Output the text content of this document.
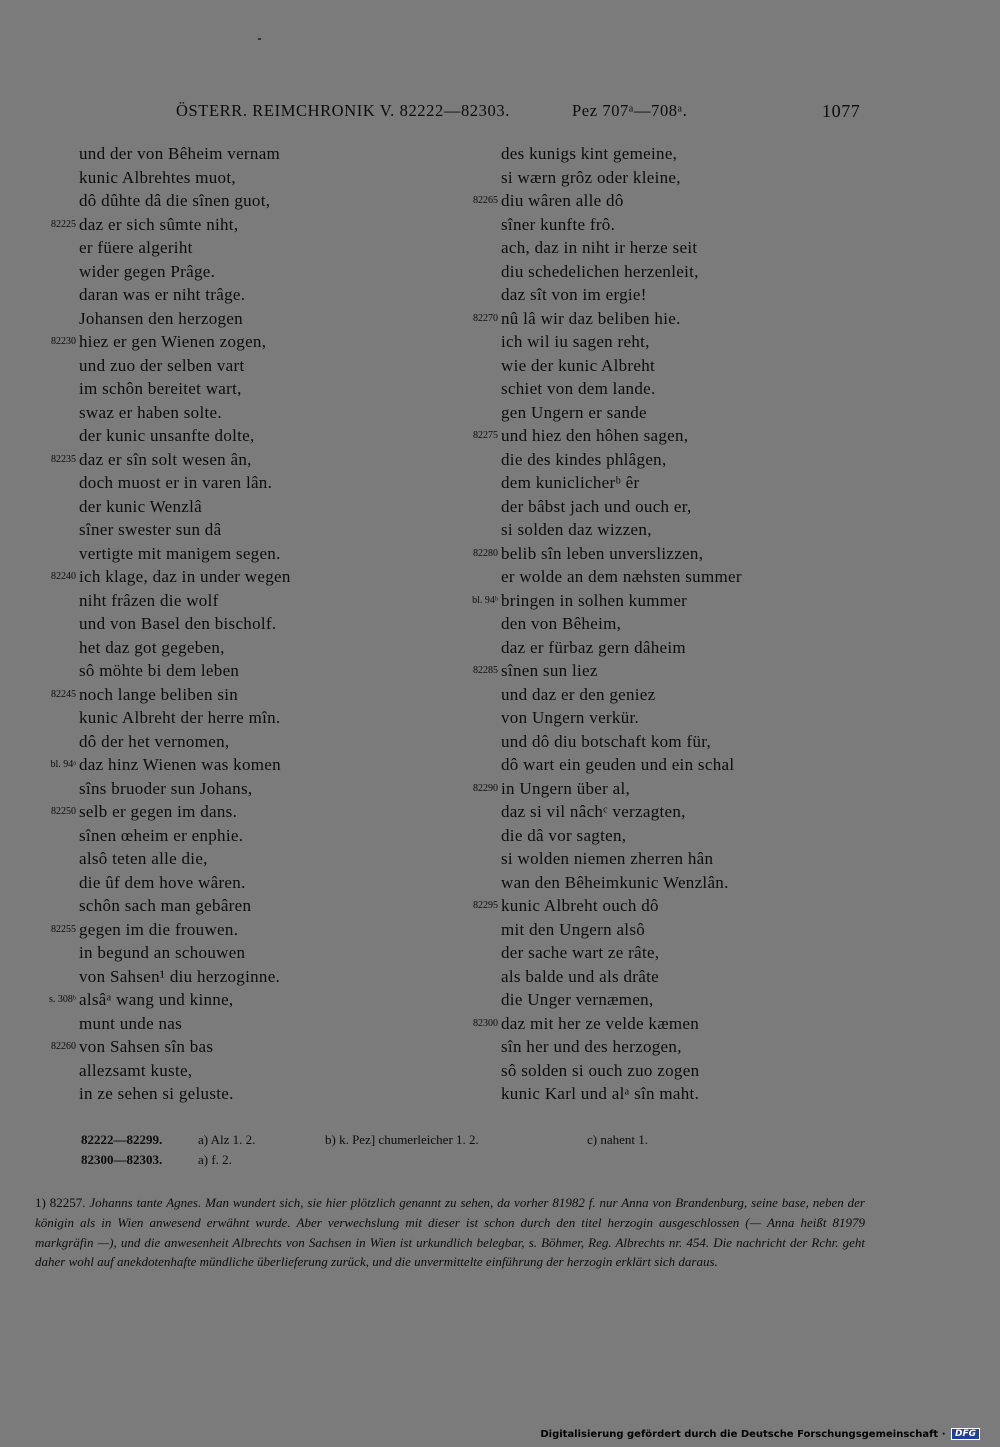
ÖSTERR. REIMCHRONIK V. 82222—82303.	Pez 707ᵃ—708ᵃ.	1077
und der von Bêheim vernam
kunic Albrehtes muot,
dô dûhte dâ die sînen guot,
82225 daz er sich sûmte niht,
er füere algeriht
wider gegen Prâge.
daran was er niht trâge.
Johansen den herzogen
82230 hiez er gen Wienen zogen,
und zuo der selben vart
im schôn bereitet wart,
swaz er haben solte.
der kunic unsanfte dolte,
82235 daz er sîn solt wesen ân,
doch muost er in varen lân.
der kunic Wenzlâ
sîner swester sun dâ
vertigte mit manigem segen.
82240 ich klage, daz in under wegen
niht frâzen die wolf
und von Basel den bischolf.
het daz got gegeben,
sô möhte bi dem leben
82245 noch lange beliben sin
kunic Albreht der herre mîn.
dô der het vernomen,
bl. 94ᵃ daz hinz Wienen was komen
sîns bruoder sun Johans,
82250 selb er gegen im dans.
sînen œheim er enphie.
alsô teten alle die,
die ûf dem hove wâren.
schôn sach man gebâren
82255 gegen im die frouwen.
in begund an schouwen
von Sahsen¹ diu herzoginne.
s. 308ᵇ alsâᵃ wang und kinne,
munt unde nas
82260 von Sahsen sîn bas
allezsamt kuste,
in ze sehen si geluste.
des kunigs kint gemeine,
si wærn grôz oder kleine,
82265 diu wâren alle dô
sîner kunfte frô.
ach, daz in niht ir herze seit
diu schedelichen herzenleit,
daz sît von im ergie!
82270 nû lâ wir daz beliben hie.
ich wil iu sagen reht,
wie der kunic Albreht
schiet von dem lande.
gen Ungern er sande
82275 und hiez den hôhen sagen,
die des kindes phlâgen,
dem kuniclicherᵇ êr
der bâbst jach und ouch er,
si solden daz wizzen,
82280 belib sîn leben unverslizzen,
er wolde an dem næhsten summer
bl. 94ᵇ bringen in solhen kummer
den von Bêheim,
daz er fürbaz gern dâheim
82285 sînen sun liez
und daz er den geniez
von Ungern verkür.
und dô diu botschaft kom für,
dô wart ein geuden und ein schal
82290 in Ungern über al,
daz si vil nâchᶜ verzagten,
die dâ vor sagten,
si wolden niemen zherren hân
wan den Bêheimkunic Wenzlân.
82295 kunic Albreht ouch dô
mit den Ungern alsô
der sache wart ze râte,
als balde und als drâte
die Unger vernæmen,
82300 daz mit her ze velde kæmen
sîn her und des herzogen,
sô solden si ouch zuo zogen
kunic Karl und alᵃ sîn maht.
82222—82299.	a) Alz 1. 2.	b) k. Pez] chumerleicher 1. 2.	c) nahent 1.
82300—82303.	a) f. 2.
1) 82257. Johanns tante Agnes. Man wundert sich, sie hier plötzlich genannt zu sehen, da vorher 81982 f. nur Anna von Brandenburg, seine base, neben der königin als in Wien anwesend erwähnt wurde. Aber verwechslung mit dieser ist schon durch den titel herzogin ausgeschlossen (— Anna heißt 81979 markgräfin —), und die anwesenheit Albrechts von Sachsen in Wien ist urkundlich belegbar, s. Böhmer, Reg. Albrechts nr. 454. Die nachricht der Rchr. geht daher wohl auf anekdotenhafte mündliche überlieferung zurück, und die unvermittelte einführung der herzogin erklärt sich daraus.
Digitalisierung gefördert durch die Deutsche Forschungsgemeinschaft · DFG
